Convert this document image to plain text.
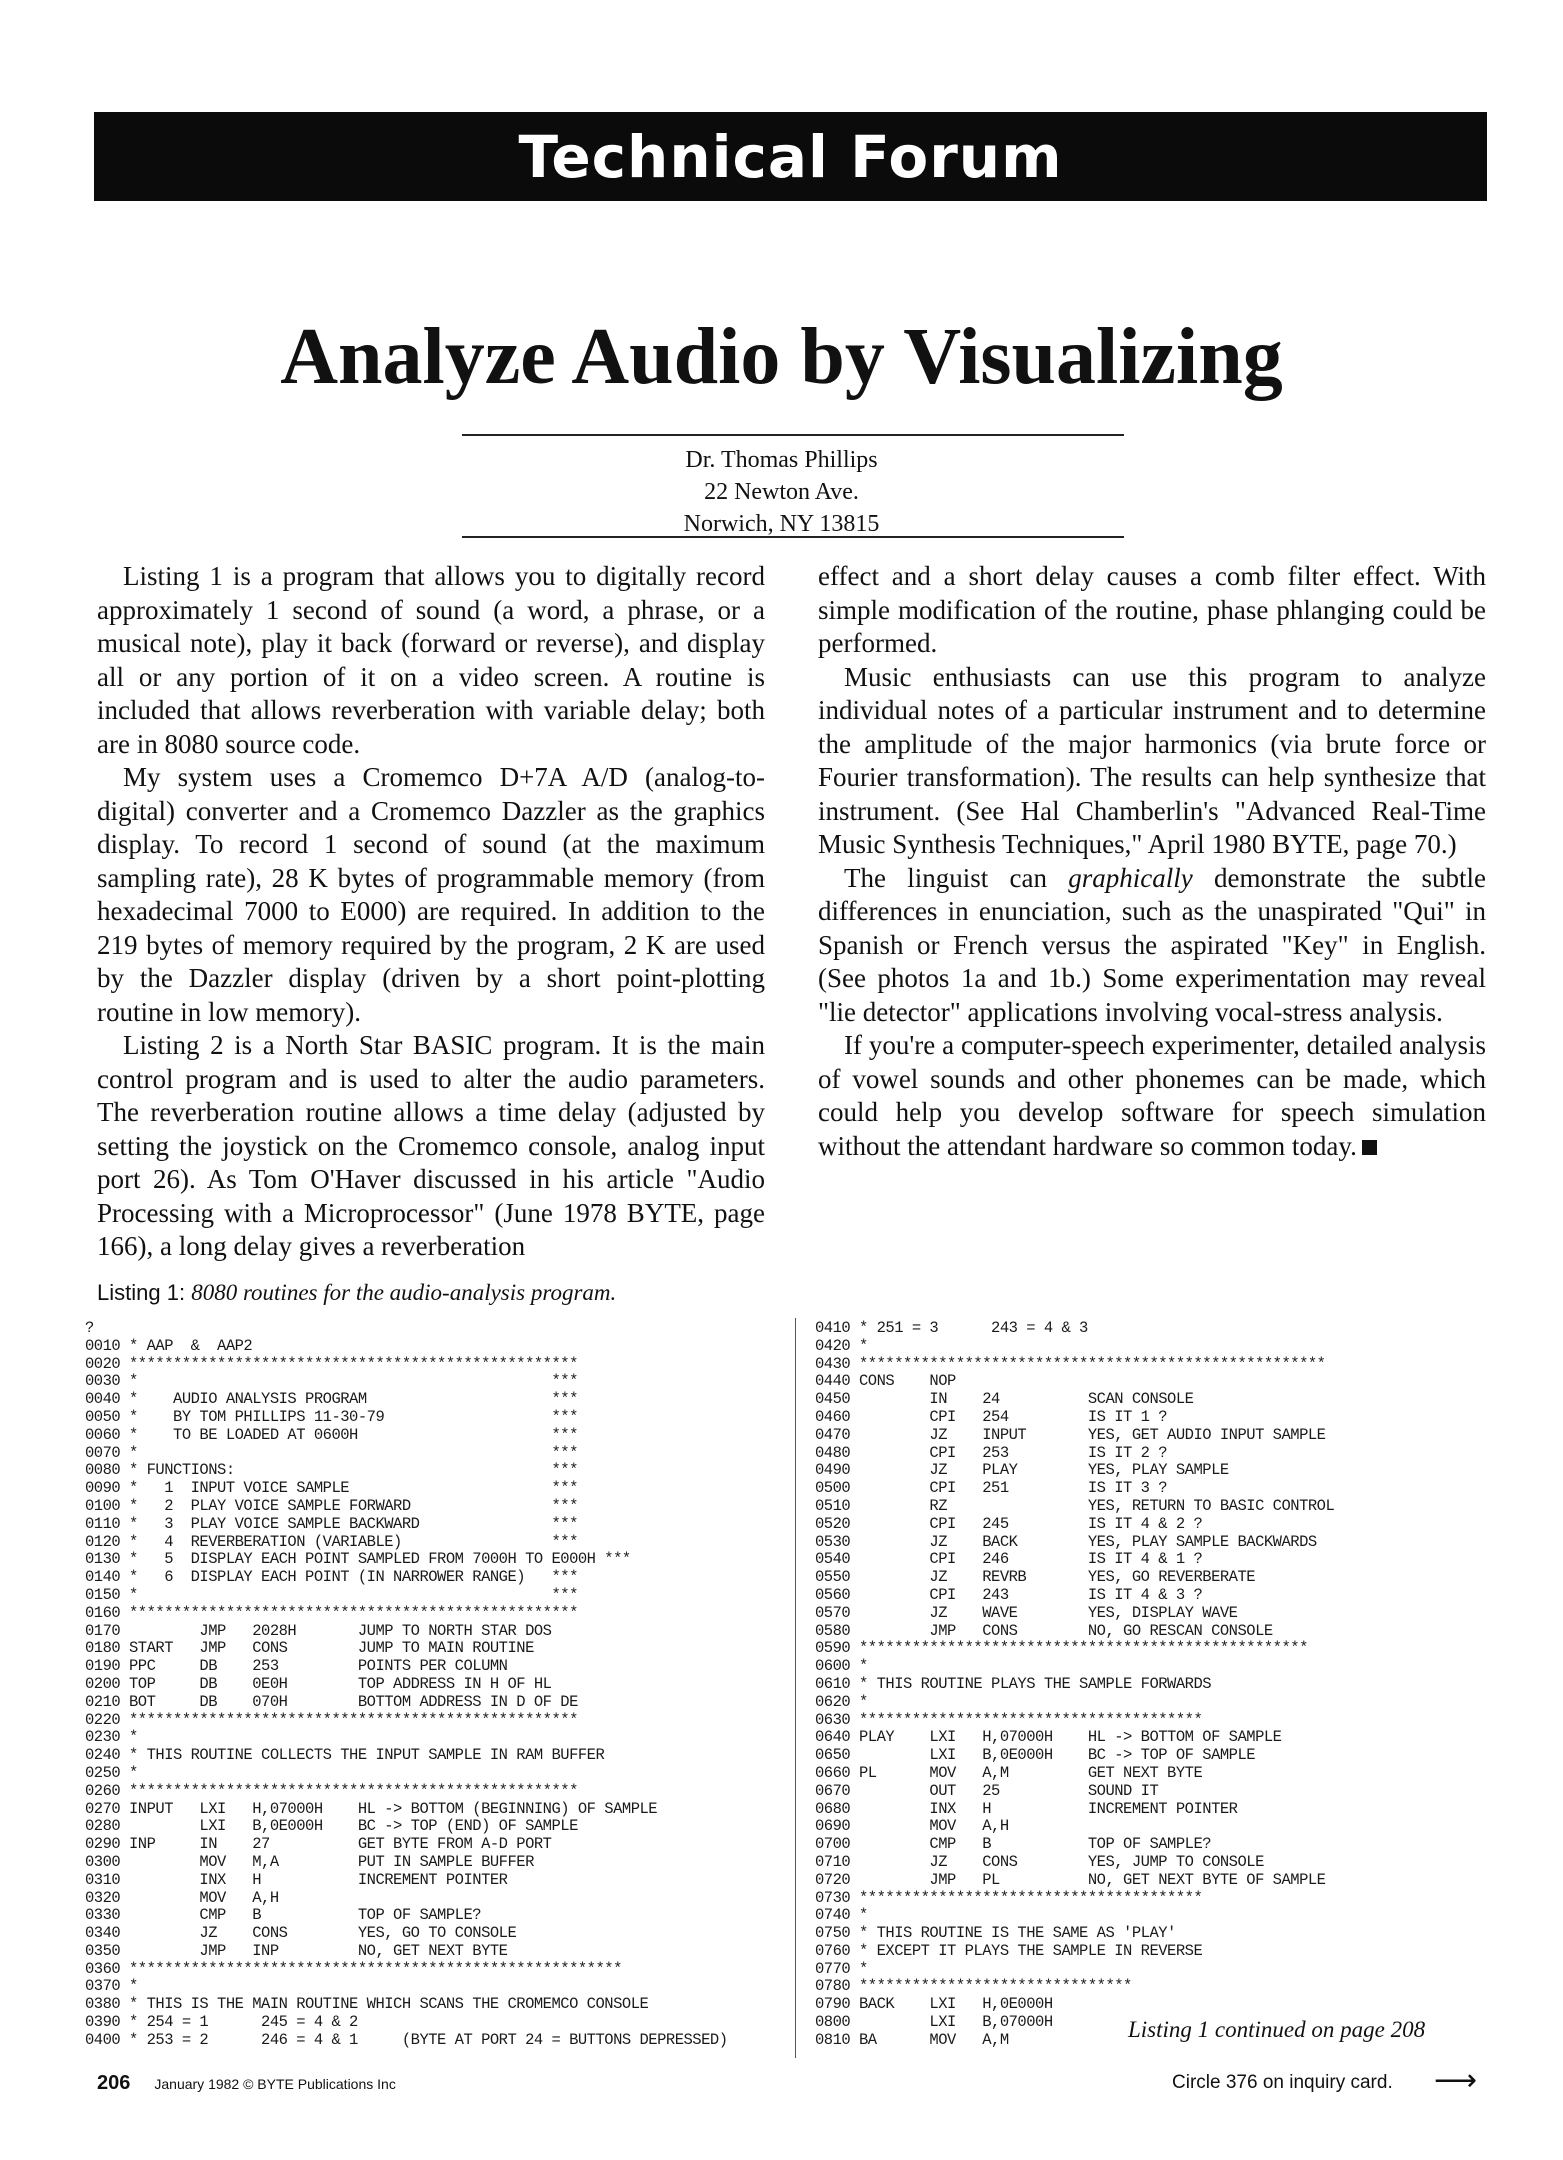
Technical Forum
Analyze Audio by Visualizing
Dr. Thomas Phillips
22 Newton Ave.
Norwich, NY 13815

Listing 1 is a program that allows you to digitally record approximately 1 second of sound (a word, a phrase, or a musical note), play it back (forward or reverse), and display all or any portion of it on a video screen. A routine is included that allows reverberation with variable delay; both are in 8080 source code.

My system uses a Cromemco D+7A A/D (analog-to-digital) converter and a Cromemco Dazzler as the graphics display. To record 1 second of sound (at the maximum sampling rate), 28 K bytes of programmable memory (from hexadecimal 7000 to E000) are required. In addition to the 219 bytes of memory required by the program, 2 K are used by the Dazzler display (driven by a short point-plotting routine in low memory).

Listing 2 is a North Star BASIC program. It is the main control program and is used to alter the audio parameters. The reverberation routine allows a time delay (adjusted by setting the joystick on the Cromemco console, analog input port 26). As Tom O'Haver discussed in his article "Audio Processing with a Microprocessor" (June 1978 BYTE, page 166), a long delay gives a reverberation

effect and a short delay causes a comb filter effect. With simple modification of the routine, phase phlanging could be performed.

Music enthusiasts can use this program to analyze individual notes of a particular instrument and to determine the amplitude of the major harmonics (via brute force or Fourier transformation). The results can help synthesize that instrument. (See Hal Chamberlin's "Advanced Real-Time Music Synthesis Techniques," April 1980 BYTE, page 70.)

The linguist can graphically demonstrate the subtle differences in enunciation, such as the unaspirated "Qui" in Spanish or French versus the aspirated "Key" in English. (See photos 1a and 1b.) Some experimentation may reveal "lie detector" applications involving vocal-stress analysis.

If you're a computer-speech experimenter, detailed analysis of vowel sounds and other phonemes can be made, which could help you develop software for speech simulation without the attendant hardware so common today.

Listing 1: 8080 routines for the audio-analysis program.
?
0010 * AAP  &  AAP2
0020 ***************************************************
0030 *                                               ***
0040 *    AUDIO ANALYSIS PROGRAM                     ***
0050 *    BY TOM PHILLIPS 11-30-79                   ***
0060 *    TO BE LOADED AT 0600H                      ***
0070 *                                               ***
0080 * FUNCTIONS:                                    ***
0090 *   1  INPUT VOICE SAMPLE                       ***
0100 *   2  PLAY VOICE SAMPLE FORWARD                ***
0110 *   3  PLAY VOICE SAMPLE BACKWARD               ***
0120 *   4  REVERBERATION (VARIABLE)                 ***
0130 *   5  DISPLAY EACH POINT SAMPLED FROM 7000H TO E000H ***
0140 *   6  DISPLAY EACH POINT (IN NARROWER RANGE)   ***
0150 *                                               ***
0160 ***************************************************
0170         JMP   2028H       JUMP TO NORTH STAR DOS
0180 START   JMP   CONS        JUMP TO MAIN ROUTINE
0190 PPC     DB    253         POINTS PER COLUMN
0200 TOP     DB    0E0H        TOP ADDRESS IN H OF HL
0210 BOT     DB    070H        BOTTOM ADDRESS IN D OF DE
0220 ***************************************************
0230 *
0240 * THIS ROUTINE COLLECTS THE INPUT SAMPLE IN RAM BUFFER
0250 *
0260 ***************************************************
0270 INPUT   LXI   H,07000H    HL -> BOTTOM (BEGINNING) OF SAMPLE
0280         LXI   B,0E000H    BC -> TOP (END) OF SAMPLE
0290 INP     IN    27          GET BYTE FROM A-D PORT
0300         MOV   M,A         PUT IN SAMPLE BUFFER
0310         INX   H           INCREMENT POINTER
0320         MOV   A,H
0330         CMP   B           TOP OF SAMPLE?
0340         JZ    CONS        YES, GO TO CONSOLE
0350         JMP   INP         NO, GET NEXT BYTE
0360 ********************************************************
0370 *
0380 * THIS IS THE MAIN ROUTINE WHICH SCANS THE CROMEMCO CONSOLE
0390 * 254 = 1      245 = 4 & 2
0400 * 253 = 2      246 = 4 & 1     (BYTE AT PORT 24 = BUTTONS DEPRESSED)
0410 * 251 = 3      243 = 4 & 3
0420 *
0430 *****************************************************
0440 CONS    NOP
0450         IN    24          SCAN CONSOLE
0460         CPI   254         IS IT 1 ?
0470         JZ    INPUT       YES, GET AUDIO INPUT SAMPLE
0480         CPI   253         IS IT 2 ?
0490         JZ    PLAY        YES, PLAY SAMPLE
0500         CPI   251         IS IT 3 ?
0510         RZ                YES, RETURN TO BASIC CONTROL
0520         CPI   245         IS IT 4 & 2 ?
0530         JZ    BACK        YES, PLAY SAMPLE BACKWARDS
0540         CPI   246         IS IT 4 & 1 ?
0550         JZ    REVRB       YES, GO REVERBERATE
0560         CPI   243         IS IT 4 & 3 ?
0570         JZ    WAVE        YES, DISPLAY WAVE
0580         JMP   CONS        NO, GO RESCAN CONSOLE
0590 ***************************************************
0600 *
0610 * THIS ROUTINE PLAYS THE SAMPLE FORWARDS
0620 *
0630 ***************************************
0640 PLAY    LXI   H,07000H    HL -> BOTTOM OF SAMPLE
0650         LXI   B,0E000H    BC -> TOP OF SAMPLE
0660 PL      MOV   A,M         GET NEXT BYTE
0670         OUT   25          SOUND IT
0680         INX   H           INCREMENT POINTER
0690         MOV   A,H
0700         CMP   B           TOP OF SAMPLE?
0710         JZ    CONS        YES, JUMP TO CONSOLE
0720         JMP   PL          NO, GET NEXT BYTE OF SAMPLE
0730 ***************************************
0740 *
0750 * THIS ROUTINE IS THE SAME AS 'PLAY'
0760 * EXCEPT IT PLAYS THE SAMPLE IN REVERSE
0770 *
0780 *******************************
0790 BACK    LXI   H,0E000H
0800         LXI   B,07000H
0810 BA      MOV   A,M	Listing 1 continued on page 208
206 January 1982 © BYTE Publications Inc	Circle 376 on inquiry card. ⟶
